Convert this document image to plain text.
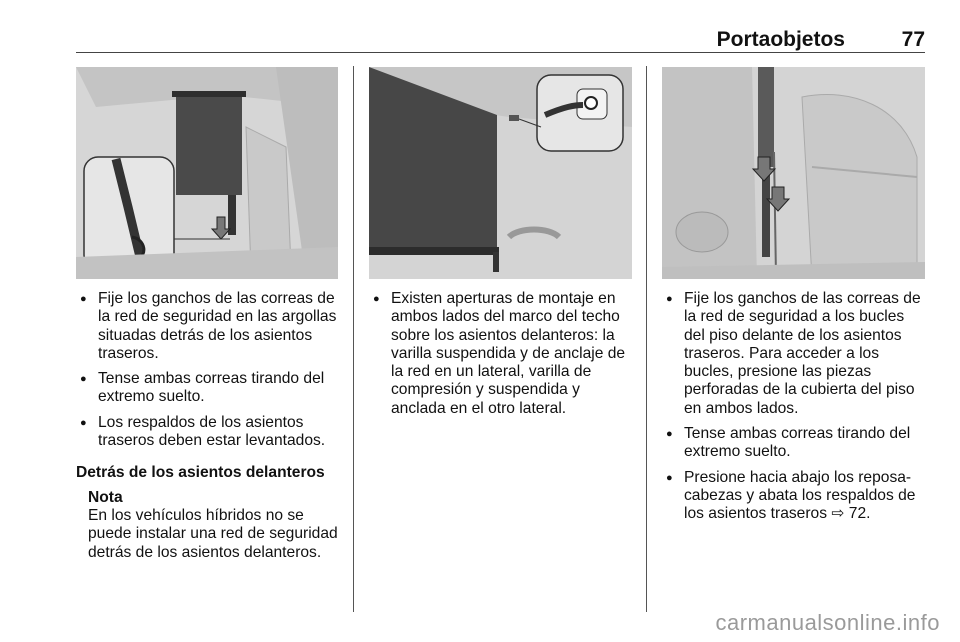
Portaobjetos	77
● Fije los ganchos de las correas de la red de seguridad en las argollas situadas detrás de los asientos traseros.
● Tense ambas correas tirando del extremo suelto.
● Los respaldos de los asientos traseros deben estar levantados.
Detrás de los asientos delanteros
Nota
En los vehículos híbridos no se puede instalar una red de seguridad detrás de los asientos delanteros.
● Existen aperturas de montaje en ambos lados del marco del techo sobre los asientos delanteros: la varilla suspendida y de anclaje de la red en un lateral, varilla de compresión y suspendida y anclada en el otro lateral.
● Fije los ganchos de las correas de la red de seguridad a los bucles del piso delante de los asientos traseros. Para acceder a los bucles, presione las piezas perforadas de la cubierta del piso en ambos lados.
● Tense ambas correas tirando del extremo suelto.
● Presione hacia abajo los reposa-cabezas y abata los respaldos de los asientos traseros ⇨ 72.
carmanualsonline.info
